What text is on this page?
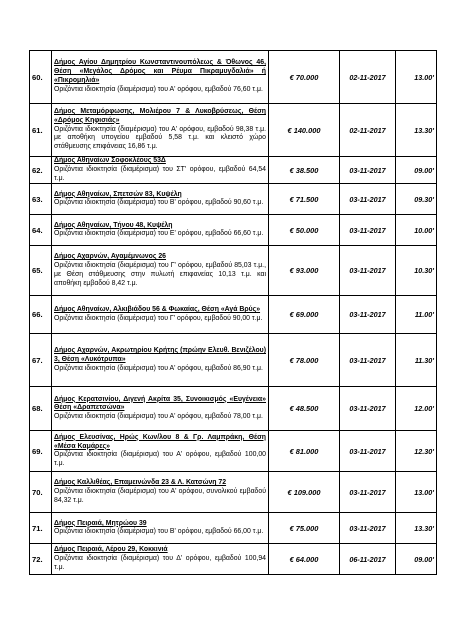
60.	Δήμος Αγίου Δημητρίου Κωνσταντινουπόλεως & Όθωνος 46, Θέση «Μεγάλος Δρόμος και Ρέυμα Πικραμυγδαλιά» ή «Πικρομηλιά»
Οριζόντια ιδιοκτησία (διαμέρισμα) του Α' ορόφου, εμβαδού 76,60 τ.μ.	€ 70.000	02-11-2017	13.00'
61.	Δήμος Μεταμόρφωσης, Μολιέρου 7 & Λυκοβρύσεως, Θέση «Δρόμος Κηφισιάς»
Οριζόντια ιδιοκτησία (διαμέρισμα) του Α' ορόφου, εμβαδού 98,38 τ.μ. με αποθήκη υπογείου εμβαδού 5,58 τ.μ. και κλειστό χώρο στάθμευσης επιφάνειας 16,86 τ.μ.	€ 140.000	02-11-2017	13.30'
62.	Δήμος Αθηναίων Σοφοκλέους 53Δ
Οριζόντια ιδιοκτησία (διαμέρισμα) του ΣΤ' ορόφου, εμβαδού 64,54 τ.μ.	€ 38.500	03-11-2017	09.00'
63.	Δήμος Αθηναίων, Σπετσών 83, Κυψέλη
Οριζόντια ιδιοκτησία (διαμέρισμα) του Β' ορόφου, εμβαδού 90,60 τ.μ.	€ 71.500	03-11-2017	09.30'
64.	Δήμος Αθηναίων, Τήνου 48, Κυψέλη
Οριζόντια ιδιοκτησία (διαμέρισμα) του Ε' ορόφου, εμβαδού 66,60 τ.μ.	€ 50.000	03-11-2017	10.00'
65.	Δήμος Αχαρνών, Αγαμέμνωνος 26
Οριζόντια ιδιοκτησία (διαμέρισμα) του Γ' ορόφου, εμβαδού 85,03 τ.μ., με Θέση στάθμευσης στην πυλωτή επιφανείας 10,13 τ.μ. και αποθήκη εμβαδού 8,42 τ.μ.	€ 93.000	03-11-2017	10.30'
66.	Δήμος Αθηναίων, Αλκιβιάδου 56 & Φωκαίας, Θέση «Αγά Βρύς»
Οριζόντια ιδιοκτησία (διαμέρισμα) του Γ' ορόφου, εμβαδού 90,00 τ.μ.	€ 69.000	03-11-2017	11.00'
67.	Δήμος Αχαρνών, Ακρωτηρίου Κρήτης (πρώην Ελευθ. Βενιζέλου) 3, Θέση «Λυκότρυπα»
Οριζόντια ιδιοκτησία (διαμέρισμα) του Α' ορόφου, εμβαδού 86,90 τ.μ.	€ 78.000	03-11-2017	11.30'
68.	Δήμος Κερατσινίου, Διγενή Ακρίτα 35, Συνοικισμός «Ευγένεια» Θέση «Δραπετσώνα»
Οριζόντια ιδιοκτησία (διαμέρισμα) του Α' ορόφου, εμβαδού 78,00 τ.μ.	€ 48.500	03-11-2017	12.00'
69.	Δήμος Ελευσίνας, Ηρώς Κων/λου 8 & Γρ. Λαμπράκη, Θέση «Μέσα Καμάρες»
Οριζόντια ιδιοκτησία (διαμέρισμα) του Α' ορόφου, εμβαδού 100,00 τ.μ.	€ 81.000	03-11-2017	12.30'
70.	Δήμος Καλλιθέας, Επαμεινώνδα 23 & Λ. Κατσώνη 72
Οριζόντια ιδιοκτησία (διαμέρισμα) του Α' ορόφου, συνολικού εμβαδού 84,32 τ.μ.	€ 109.000	03-11-2017	13.00'
71.	Δήμος Πειραιά, Μητρώου 39
Οριζόντια ιδιοκτησία (διαμέρισμα) του Β' ορόφου, εμβαδού 66,00 τ.μ.	€ 75.000	03-11-2017	13.30'
72.	Δήμος Πειραιά, Λέρου 29, Κοκκινιά
Οριζόντια ιδιοκτησία (διαμέρισμα) του Δ' ορόφου, εμβαδού 100,94 τ.μ.	€ 64.000	06-11-2017	09.00'
